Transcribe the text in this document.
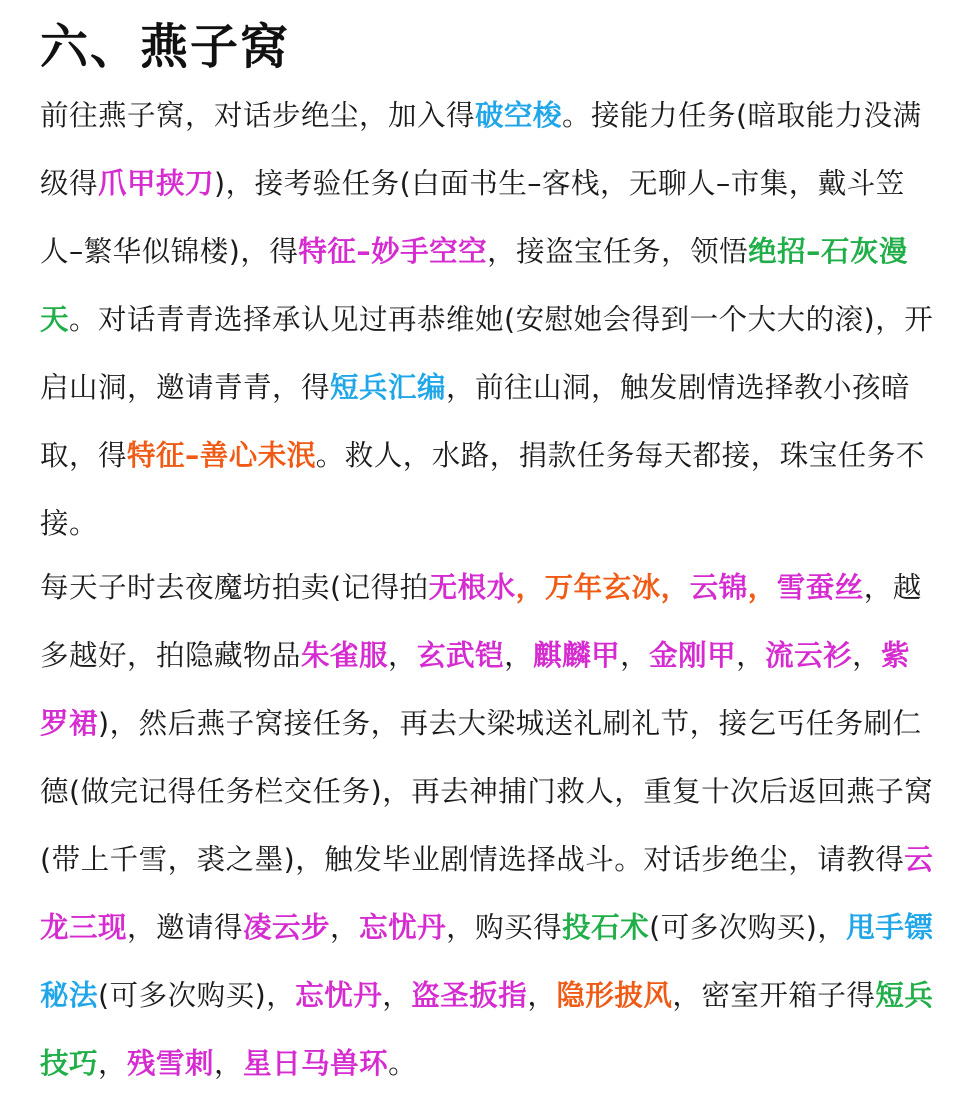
六、燕子窝

前往燕子窝，对话步绝尘，加入得破空梭。接能力任务(暗取能力没满级得爪甲挟刀)，接考验任务(白面书生–客栈，无聊人–市集，戴斗笠人–繁华似锦楼)，得特征–妙手空空，接盗宝任务，领悟绝招–石灰漫天。对话青青选择承认见过再恭维她(安慰她会得到一个大大的滚)，开启山洞，邀请青青，得短兵汇编，前往山洞，触发剧情选择教小孩暗取，得特征–善心未泯。救人，水路，捐款任务每天都接，珠宝任务不接。

每天子时去夜魔坊拍卖(记得拍无根水，万年玄冰，云锦，雪蚕丝，越多越好，拍隐藏物品朱雀服，玄武铠，麒麟甲，金刚甲，流云衫，紫罗裙)，然后燕子窝接任务，再去大梁城送礼刷礼节，接乞丐任务刷仁德(做完记得任务栏交任务)，再去神捕门救人，重复十次后返回燕子窝(带上千雪，裘之墨)，触发毕业剧情选择战斗。对话步绝尘，请教得云龙三现，邀请得凌云步，忘忧丹，购买得投石术(可多次购买)，甩手镖秘法(可多次购买)，忘忧丹，盗圣扳指，隐形披风，密室开箱子得短兵技巧，残雪刺，星日马兽环。
